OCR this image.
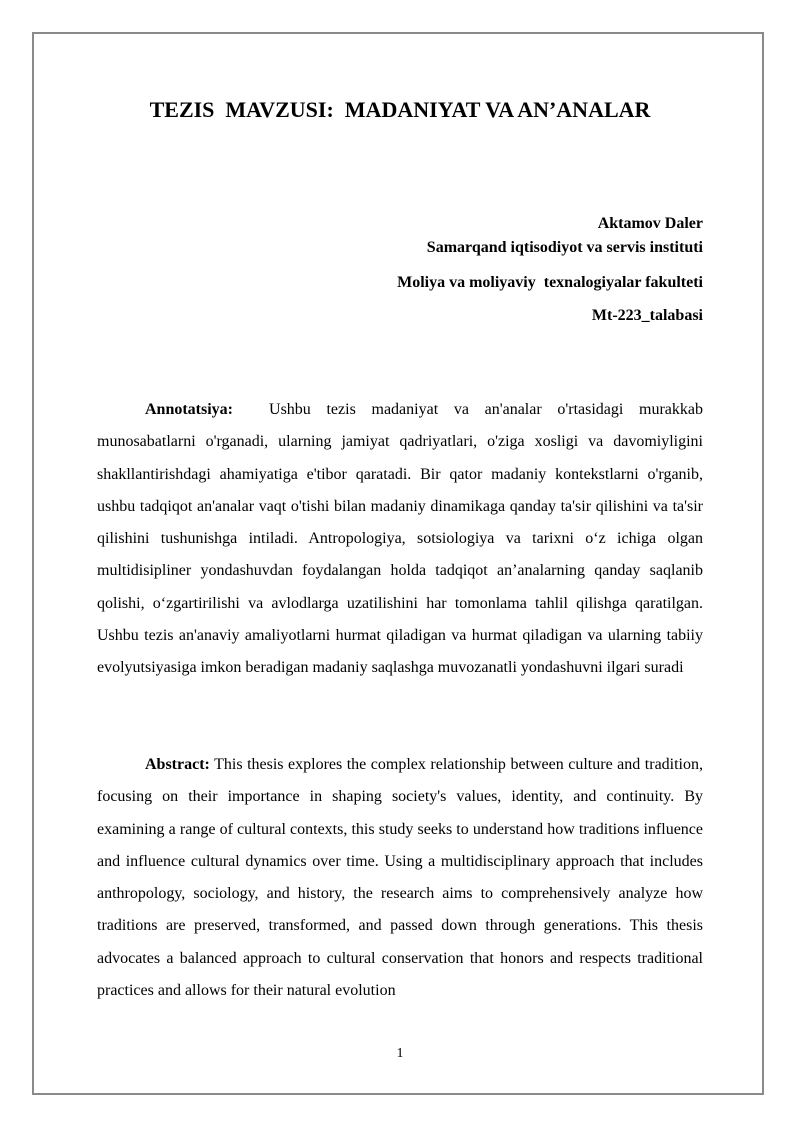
TEZIS  MAVZUSI:  MADANIYAT VA AN’ANALAR
Aktamov Daler
Samarqand iqtisodiyot va servis instituti
Moliya va moliyaviy  texnalogiyalar fakulteti
Mt-223_talabasi

Annotatsiya: Ushbu tezis madaniyat va an'analar o'rtasidagi murakkab munosabatlarni o'rganadi, ularning jamiyat qadriyatlari, o'ziga xosligi va davomiyligini shakllantirishdagi ahamiyatiga e'tibor qaratadi. Bir qator madaniy kontekstlarni o'rganib, ushbu tadqiqot an'analar vaqt o'tishi bilan madaniy dinamikaga qanday ta'sir qilishini va ta'sir qilishini tushunishga intiladi. Antropologiya, sotsiologiya va tarixni o‘z ichiga olgan multidisipliner yondashuvdan foydalangan holda tadqiqot an’analarning qanday saqlanib qolishi, o‘zgartirilishi va avlodlarga uzatilishini har tomonlama tahlil qilishga qaratilgan. Ushbu tezis an'anaviy amaliyotlarni hurmat qiladigan va hurmat qiladigan va ularning tabiiy evolyutsiyasiga imkon beradigan madaniy saqlashga muvozanatli yondashuvni ilgari suradi

Abstract: This thesis explores the complex relationship between culture and tradition, focusing on their importance in shaping society's values, identity, and continuity. By examining a range of cultural contexts, this study seeks to understand how traditions influence and influence cultural dynamics over time. Using a multidisciplinary approach that includes anthropology, sociology, and history, the research aims to comprehensively analyze how traditions are preserved, transformed, and passed down through generations. This thesis advocates a balanced approach to cultural conservation that honors and respects traditional practices and allows for their natural evolution

1
